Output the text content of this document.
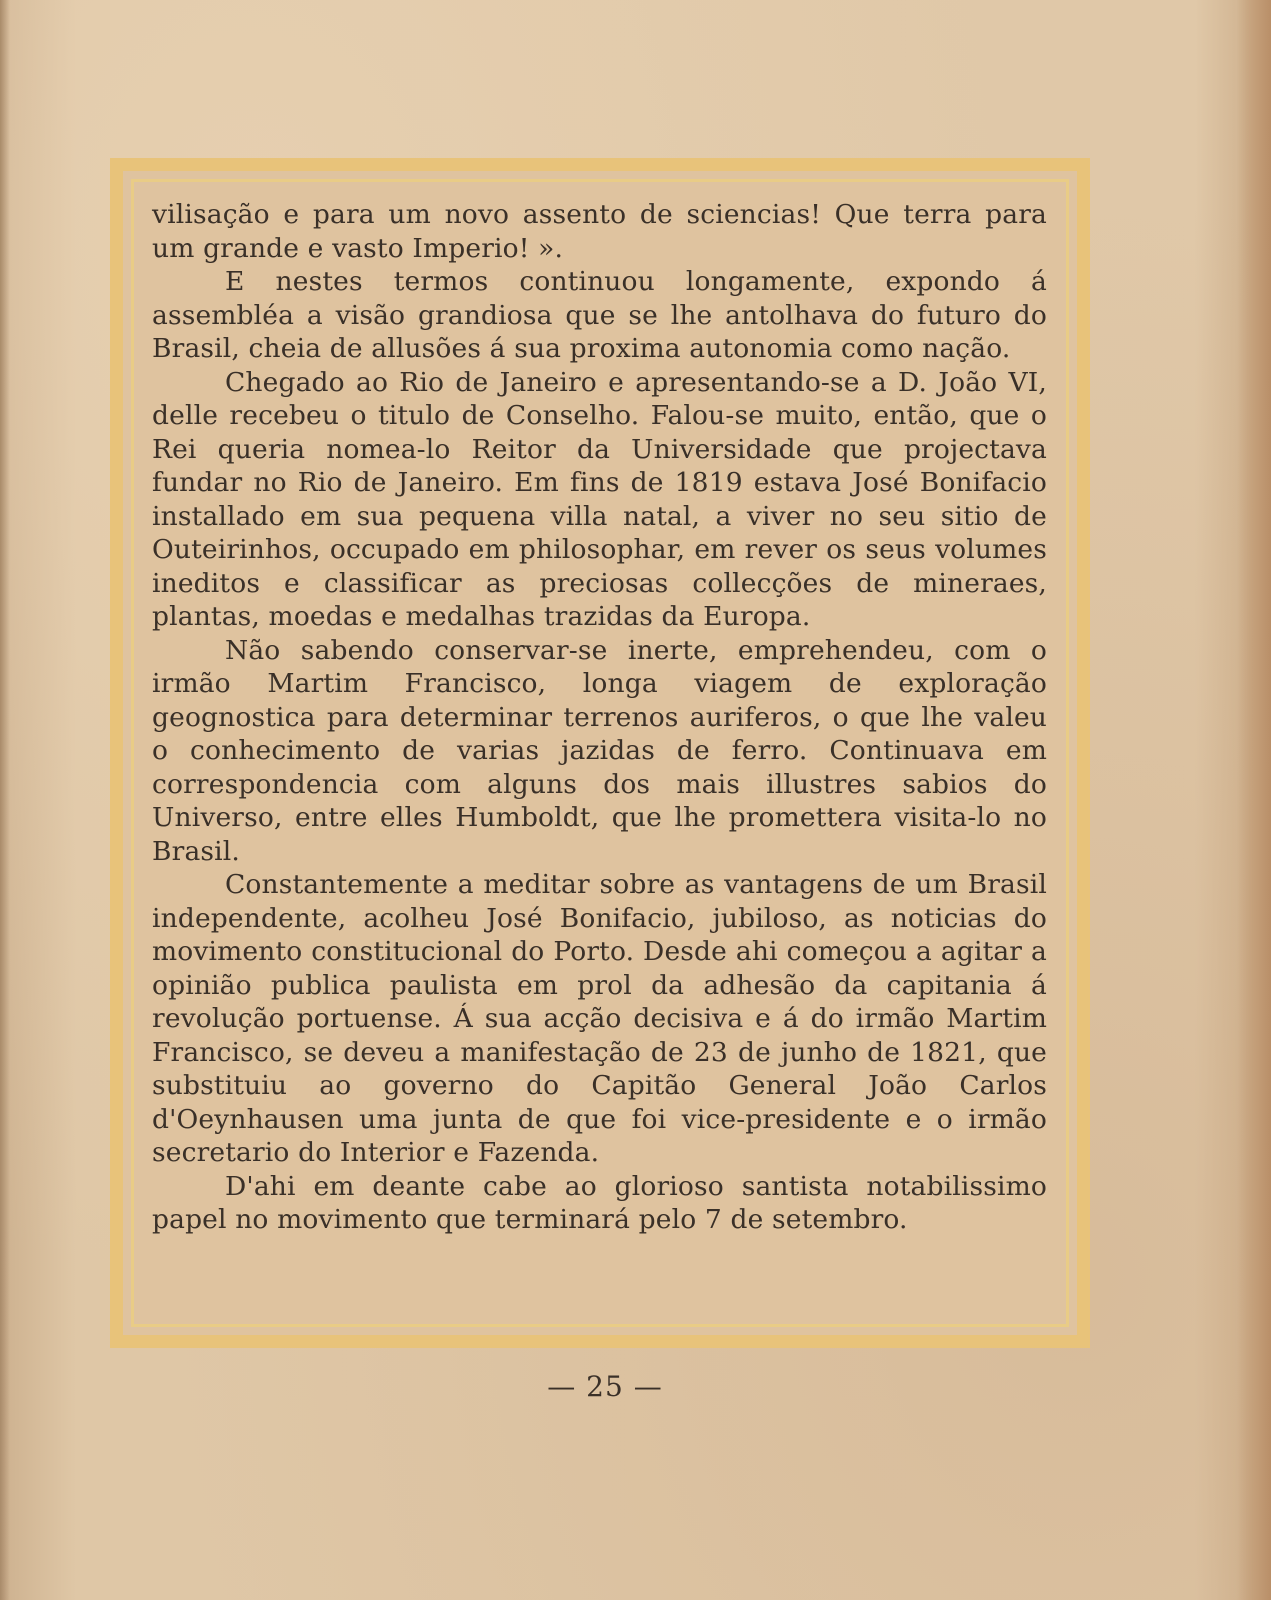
vilisação e para um novo assento de sciencias! Que terra para um grande e vasto Imperio! ».

E nestes termos continuou longamente, expondo á assembléa a visão grandiosa que se lhe antolhava do futuro do Brasil, cheia de allusões á sua proxima autonomia como nação.

Chegado ao Rio de Janeiro e apresentando-se a D. João VI, delle recebeu o titulo de Conselho. Falou-se muito, então, que o Rei queria nomea-lo Reitor da Universidade que projectava fundar no Rio de Janeiro. Em fins de 1819 estava José Bonifacio installado em sua pequena villa natal, a viver no seu sitio de Outeirinhos, occupado em philosophar, em rever os seus volumes ineditos e classificar as preciosas collecções de mineraes, plantas, moedas e medalhas trazidas da Europa.

Não sabendo conservar-se inerte, emprehendeu, com o irmão Martim Francisco, longa viagem de exploração geognostica para determinar terrenos auriferos, o que lhe valeu o conhecimento de varias jazidas de ferro. Continuava em correspondencia com alguns dos mais illustres sabios do Universo, entre elles Humboldt, que lhe promettera visita-lo no Brasil.

Constantemente a meditar sobre as vantagens de um Brasil independente, acolheu José Bonifacio, jubiloso, as noticias do movimento constitucional do Porto. Desde ahi começou a agitar a opinião publica paulista em prol da adhesão da capitania á revolução portuense. Á sua acção decisiva e á do irmão Martim Francisco, se deveu a manifestação de 23 de junho de 1821, que substituiu ao governo do Capitão General João Carlos d'Oeynhausen uma junta de que foi vice-presidente e o irmão secretario do Interior e Fazenda.

D'ahi em deante cabe ao glorioso santista notabilissimo papel no movimento que terminará pelo 7 de setembro.

— 25 —
